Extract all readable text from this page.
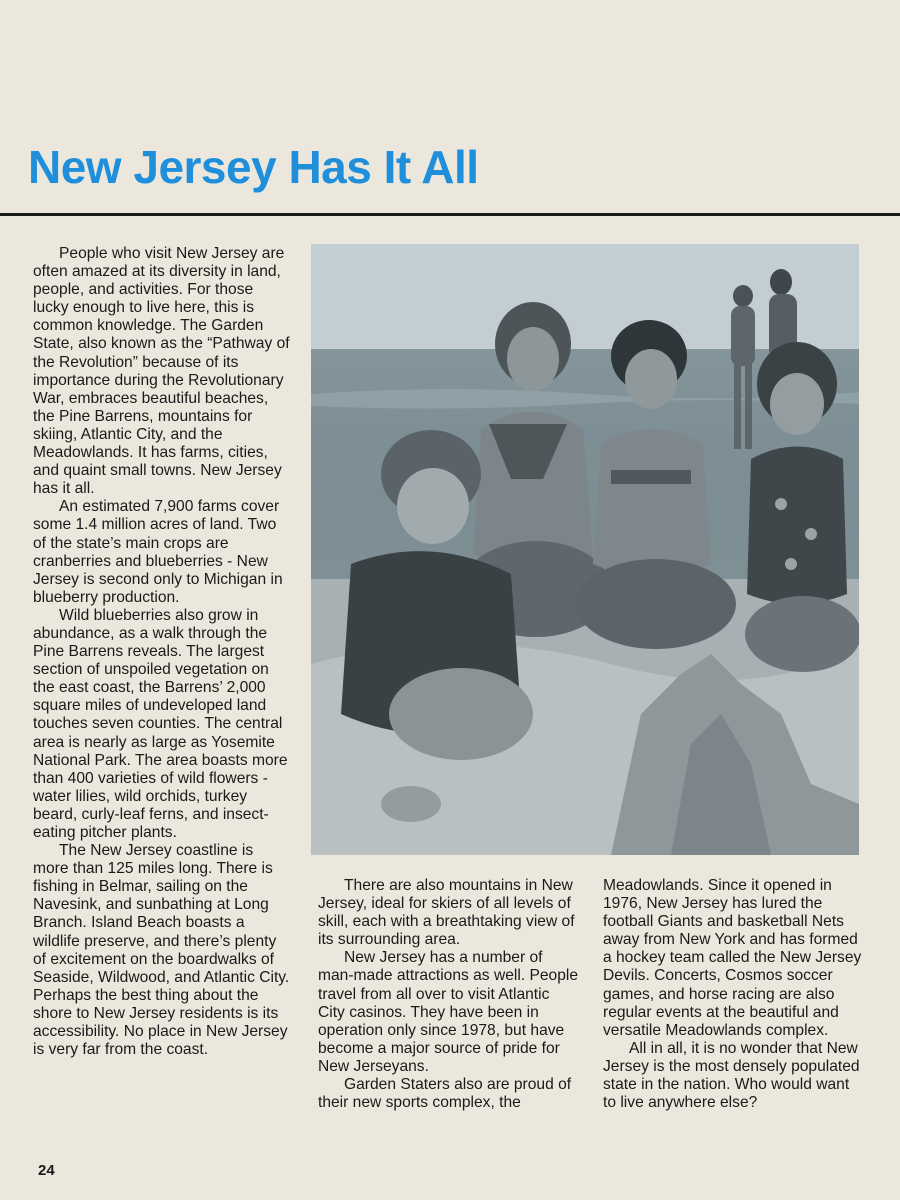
New Jersey Has It All

People who visit New Jersey are often amazed at its diversity in land, people, and activities. For those lucky enough to live here, this is common knowledge. The Garden State, also known as the “Pathway of the Revolution” because of its importance during the Revolutionary War, embraces beautiful beaches, the Pine Barrens, mountains for skiing, Atlantic City, and the Meadowlands. It has farms, cities, and quaint small towns. New Jersey has it all.

An estimated 7,900 farms cover some 1.4 million acres of land. Two of the state’s main crops are cranberries and blueberries - New Jersey is second only to Michigan in blueberry production.

Wild blueberries also grow in abundance, as a walk through the Pine Barrens reveals. The largest section of unspoiled vegetation on the east coast, the Barrens’ 2,000 square miles of undeveloped land touches seven counties. The central area is nearly as large as Yosemite National Park. The area boasts more than 400 varieties of wild flowers - water lilies, wild orchids, turkey beard, curly-leaf ferns, and insect-eating pitcher plants.

The New Jersey coastline is more than 125 miles long. There is fishing in Belmar, sailing on the Navesink, and sunbathing at Long Branch. Island Beach boasts a wildlife preserve, and there’s plenty of excitement on the boardwalks of Seaside, Wildwood, and Atlantic City. Perhaps the best thing about the shore to New Jersey residents is its accessibility. No place in New Jersey is very far from the coast.

There are also mountains in New Jersey, ideal for skiers of all levels of skill, each with a breathtaking view of its surrounding area.

New Jersey has a number of man-made attractions as well. People travel from all over to visit Atlantic City casinos. They have been in operation only since 1978, but have become a major source of pride for New Jerseyans.

Garden Staters also are proud of their new sports complex, the

Meadowlands. Since it opened in 1976, New Jersey has lured the football Giants and basketball Nets away from New York and has formed a hockey team called the New Jersey Devils. Concerts, Cosmos soccer games, and horse racing are also regular events at the beautiful and versatile Meadowlands complex.

All in all, it is no wonder that New Jersey is the most densely populated state in the nation. Who would want to live anywhere else?

24
